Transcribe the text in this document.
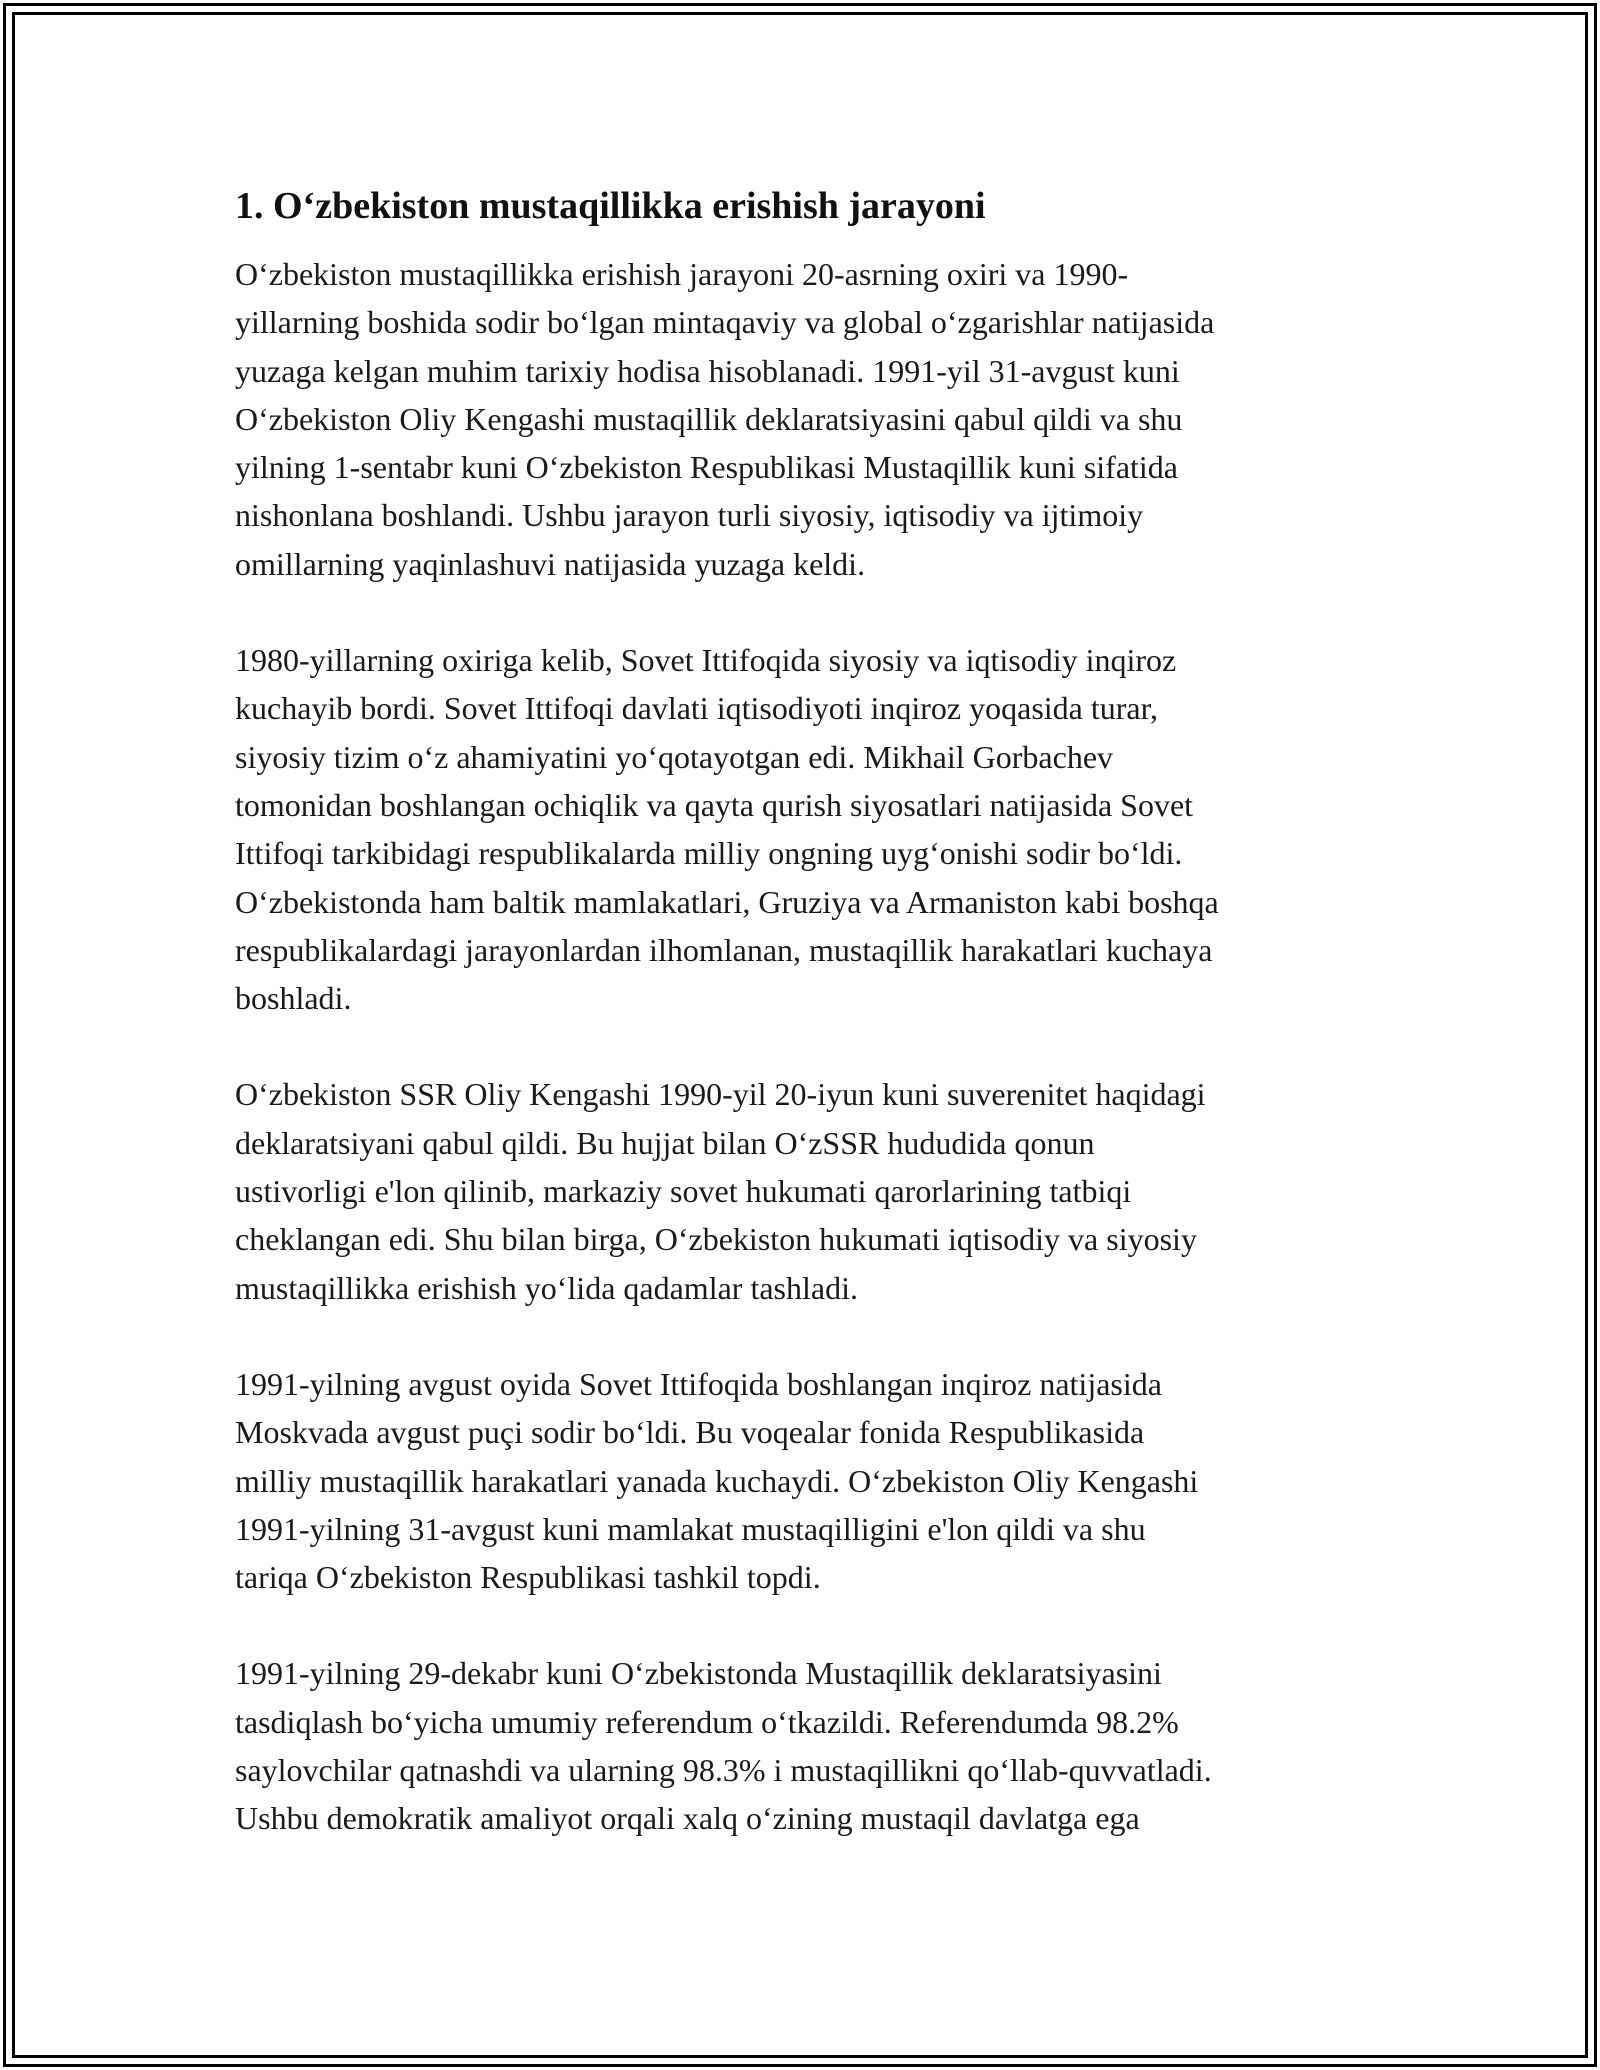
1. O‘zbekiston mustaqillikka erishish jarayoni

O‘zbekiston mustaqillikka erishish jarayoni 20-asrning oxiri va 1990-
yillarning boshida sodir bo‘lgan mintaqaviy va global o‘zgarishlar natijasida
yuzaga kelgan muhim tarixiy hodisa hisoblanadi. 1991-yil 31-avgust kuni
O‘zbekiston Oliy Kengashi mustaqillik deklaratsiyasini qabul qildi va shu
yilning 1-sentabr kuni O‘zbekiston Respublikasi Mustaqillik kuni sifatida
nishonlana boshlandi. Ushbu jarayon turli siyosiy, iqtisodiy va ijtimoiy
omillarning yaqinlashuvi natijasida yuzaga keldi.

1980-yillarning oxiriga kelib, Sovet Ittifoqida siyosiy va iqtisodiy inqiroz
kuchayib bordi. Sovet Ittifoqi davlati iqtisodiyoti inqiroz yoqasida turar,
siyosiy tizim o‘z ahamiyatini yo‘qotayotgan edi. Mikhail Gorbachev
tomonidan boshlangan ochiqlik va qayta qurish siyosatlari natijasida Sovet
Ittifoqi tarkibidagi respublikalarda milliy ongning uyg‘onishi sodir bo‘ldi.
O‘zbekistonda ham baltik mamlakatlari, Gruziya va Armaniston kabi boshqa
respublikalardagi jarayonlardan ilhomlanan, mustaqillik harakatlari kuchaya
boshladi.

O‘zbekiston SSR Oliy Kengashi 1990-yil 20-iyun kuni suverenitet haqidagi
deklaratsiyani qabul qildi. Bu hujjat bilan O‘zSSR hududida qonun
ustivorligi e'lon qilinib, markaziy sovet hukumati qarorlarining tatbiqi
cheklangan edi. Shu bilan birga, O‘zbekiston hukumati iqtisodiy va siyosiy
mustaqillikka erishish yo‘lida qadamlar tashladi.

1991-yilning avgust oyida Sovet Ittifoqida boshlangan inqiroz natijasida
Moskvada avgust puçi sodir bo‘ldi. Bu voqealar fonida Respublikasida
milliy mustaqillik harakatlari yanada kuchaydi. O‘zbekiston Oliy Kengashi
1991-yilning 31-avgust kuni mamlakat mustaqilligini e'lon qildi va shu
tariqa O‘zbekiston Respublikasi tashkil topdi.

1991-yilning 29-dekabr kuni O‘zbekistonda Mustaqillik deklaratsiyasini
tasdiqlash bo‘yicha umumiy referendum o‘tkazildi. Referendumda 98.2%
saylovchilar qatnashdi va ularning 98.3% i mustaqillikni qo‘llab-quvvatladi.
Ushbu demokratik amaliyot orqali xalq o‘zining mustaqil davlatga ega
